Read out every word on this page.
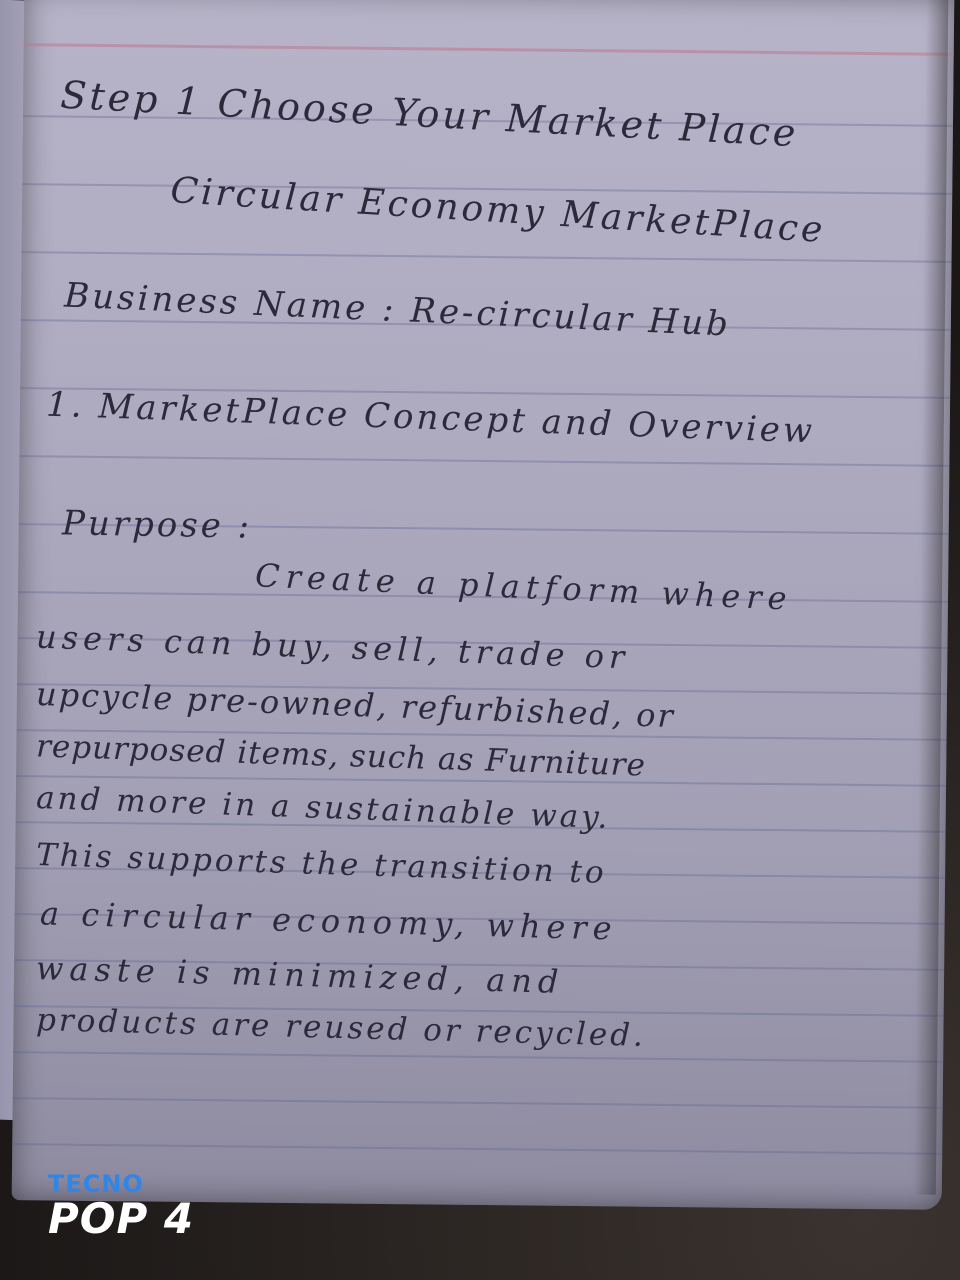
Step 1 Choose Your Market Place
Circular Economy MarketPlace
Business Name : Re-circular Hub
1. MarketPlace Concept and Overview
Purpose :
Create a platform where
users can buy, sell, trade or
upcycle pre-owned, refurbished, or
repurposed items, such as Furniture
and more in a sustainable way.
This supports the transition to
a circular economy, where
waste is minimized, and
products are reused or recycled.
TECNO
POP 4
